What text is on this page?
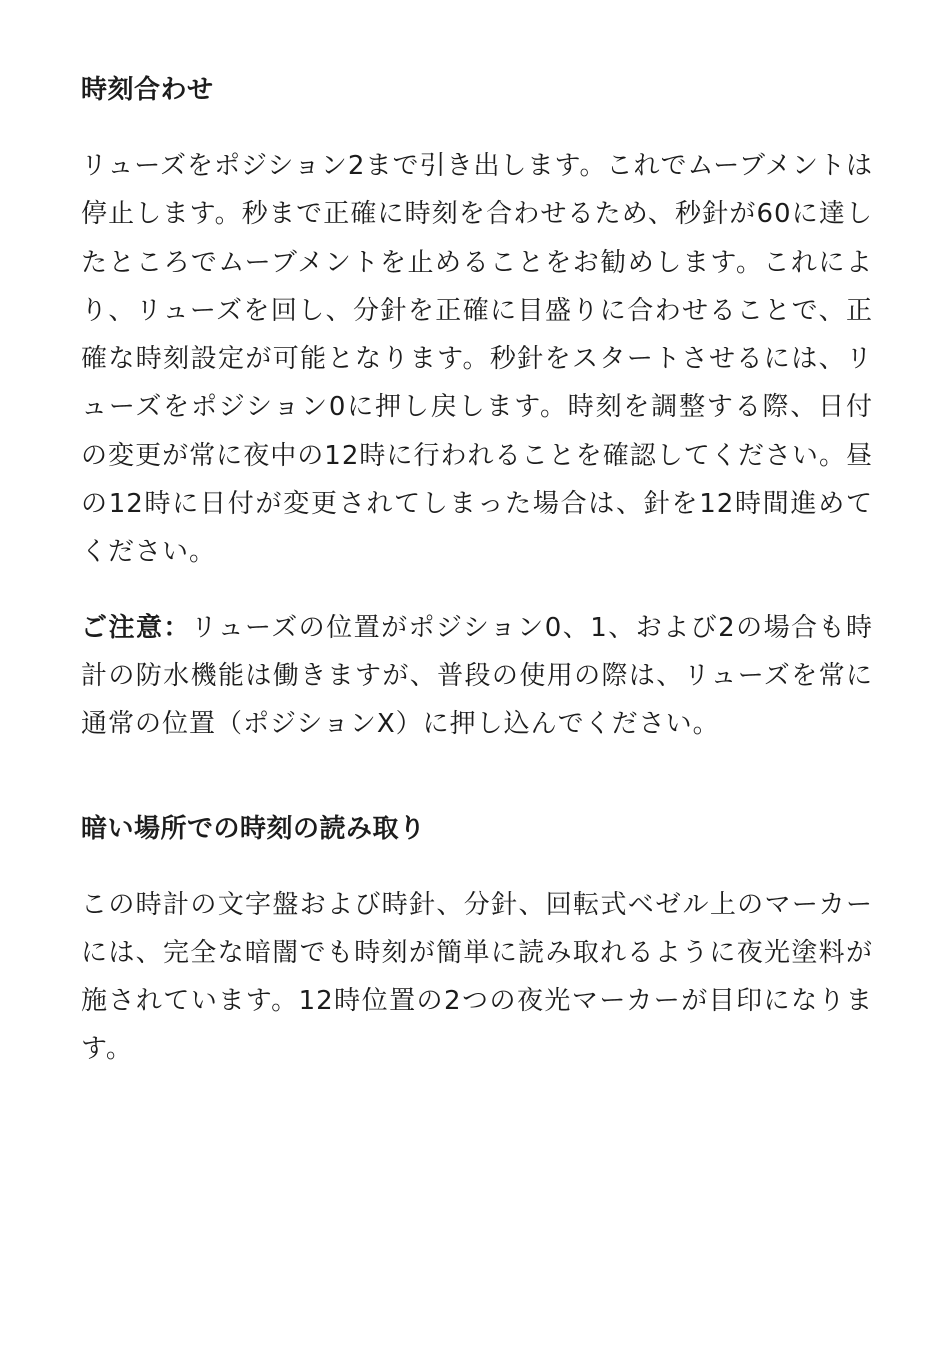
時刻合わせ

リューズをポジション2まで引き出します。これでムーブメントは停止します。秒まで正確に時刻を合わせるため、秒針が60に達したところでムーブメントを止めることをお勧めします。これにより、リューズを回し、分針を正確に目盛りに合わせることで、正確な時刻設定が可能となります。秒針をスタートさせるには、リューズをポジション0に押し戻します。時刻を調整する際、日付の変更が常に夜中の12時に行われることを確認してください。昼の12時に日付が変更されてしまった場合は、針を12時間進めてください。

ご注意：リューズの位置がポジション0、1、および2の場合も時計の防水機能は働きますが、普段の使用の際は、リューズを常に通常の位置（ポジションX）に押し込んでください。

暗い場所での時刻の読み取り

この時計の文字盤および時針、分針、回転式ベゼル上のマーカーには、完全な暗闇でも時刻が簡単に読み取れるように夜光塗料が施されています。12時位置の2つの夜光マーカーが目印になります。
